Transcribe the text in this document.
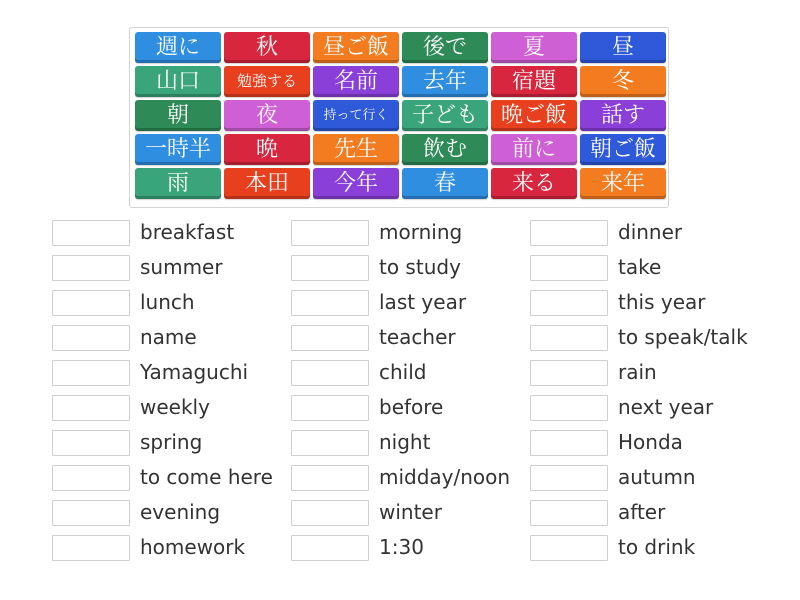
週に	秋	昼ご飯	後で	夏	昼
山口	勉強する	名前	去年	宿題	冬
朝	夜	持って行く	子ども	晩ご飯	話す
一時半	晩	先生	飲む	前に	朝ご飯
雨	本田	今年	春	来る	来年
breakfast
summer
lunch
name
Yamaguchi
weekly
spring
to come here
evening
homework
morning
to study
last year
teacher
child
before
night
midday/noon
winter
1:30
dinner
take
this year
to speak/talk
rain
next year
Honda
autumn
after
to drink
